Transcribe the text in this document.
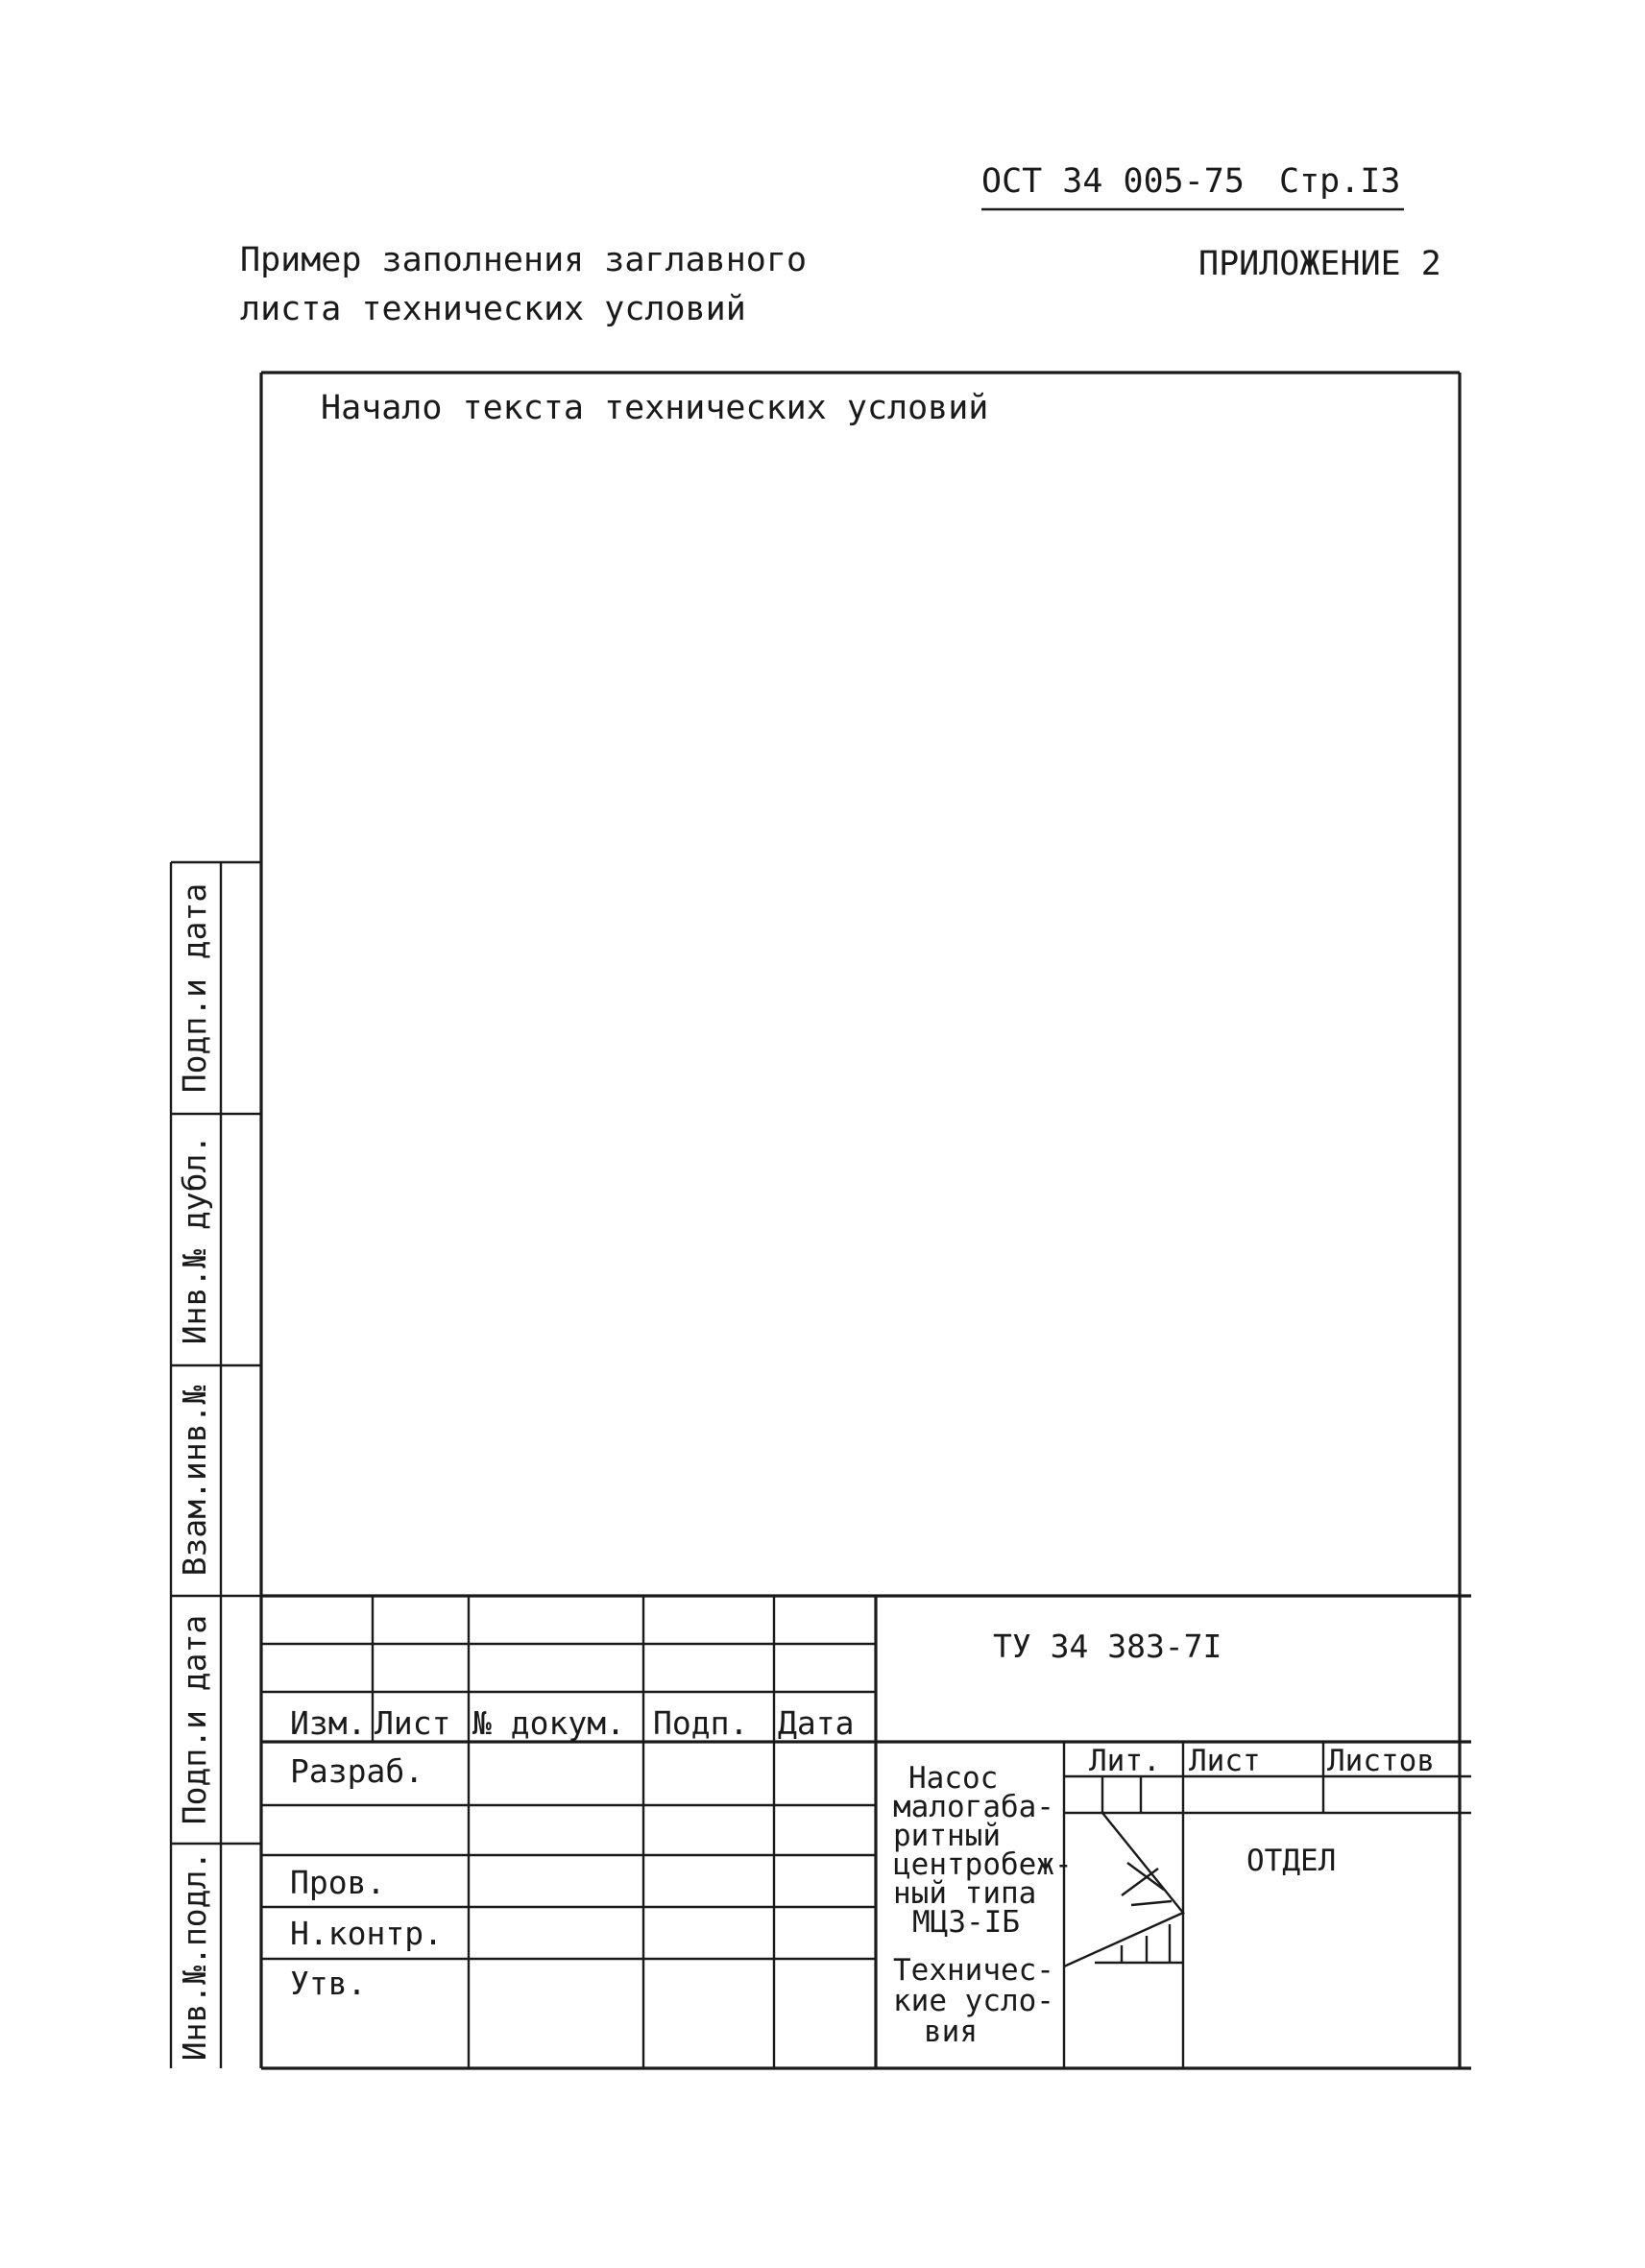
ОСТ 34 005-75 Стр.I3
Пример заполнения заглавного
листа технических условий
ПРИЛОЖЕНИЕ 2
Начало текста технических условий
Подп.и дата
Инв.№ дубл.
Взам.инв.№
Подп.и дата
Инв.№.подл.
Изм. Лист № докум. Подп. Дата
Разраб.
Пров.
Н.контр.
Утв.
ТУ 34 383-7I
Лит. Лист Листов
ОТДЕЛ
Насос
малогаба-
ритный
центробеж-
ный типа
МЦЗ-IБ
Техничес-
кие усло-
вия
